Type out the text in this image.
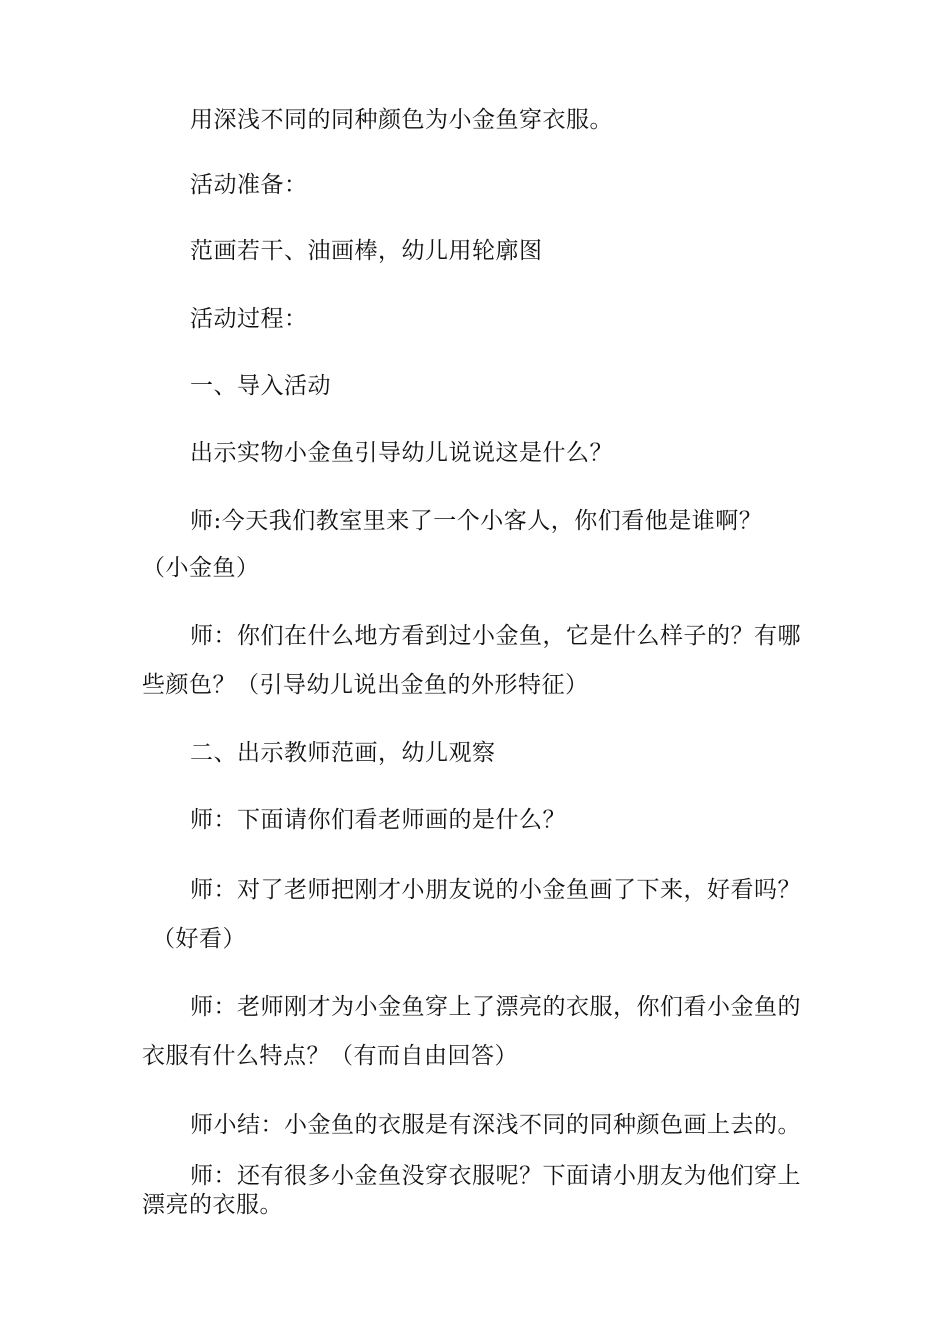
用深浅不同的同种颜色为小金鱼穿衣服。
活动准备：
范画若干、油画棒，幼儿用轮廓图
活动过程：
一、导入活动
出示实物小金鱼引导幼儿说说这是什么？
师:今天我们教室里来了一个小客人，你们看他是谁啊？
（小金鱼）
师：你们在什么地方看到过小金鱼，它是什么样子的？有哪
些颜色？（引导幼儿说出金鱼的外形特征）
二、出示教师范画，幼儿观察
师：下面请你们看老师画的是什么？
师：对了老师把刚才小朋友说的小金鱼画了下来，好看吗？
（好看）
师：老师刚才为小金鱼穿上了漂亮的衣服，你们看小金鱼的
衣服有什么特点？（有而自由回答）
师小结：小金鱼的衣服是有深浅不同的同种颜色画上去的。
师：还有很多小金鱼没穿衣服呢？下面请小朋友为他们穿上
漂亮的衣服。
